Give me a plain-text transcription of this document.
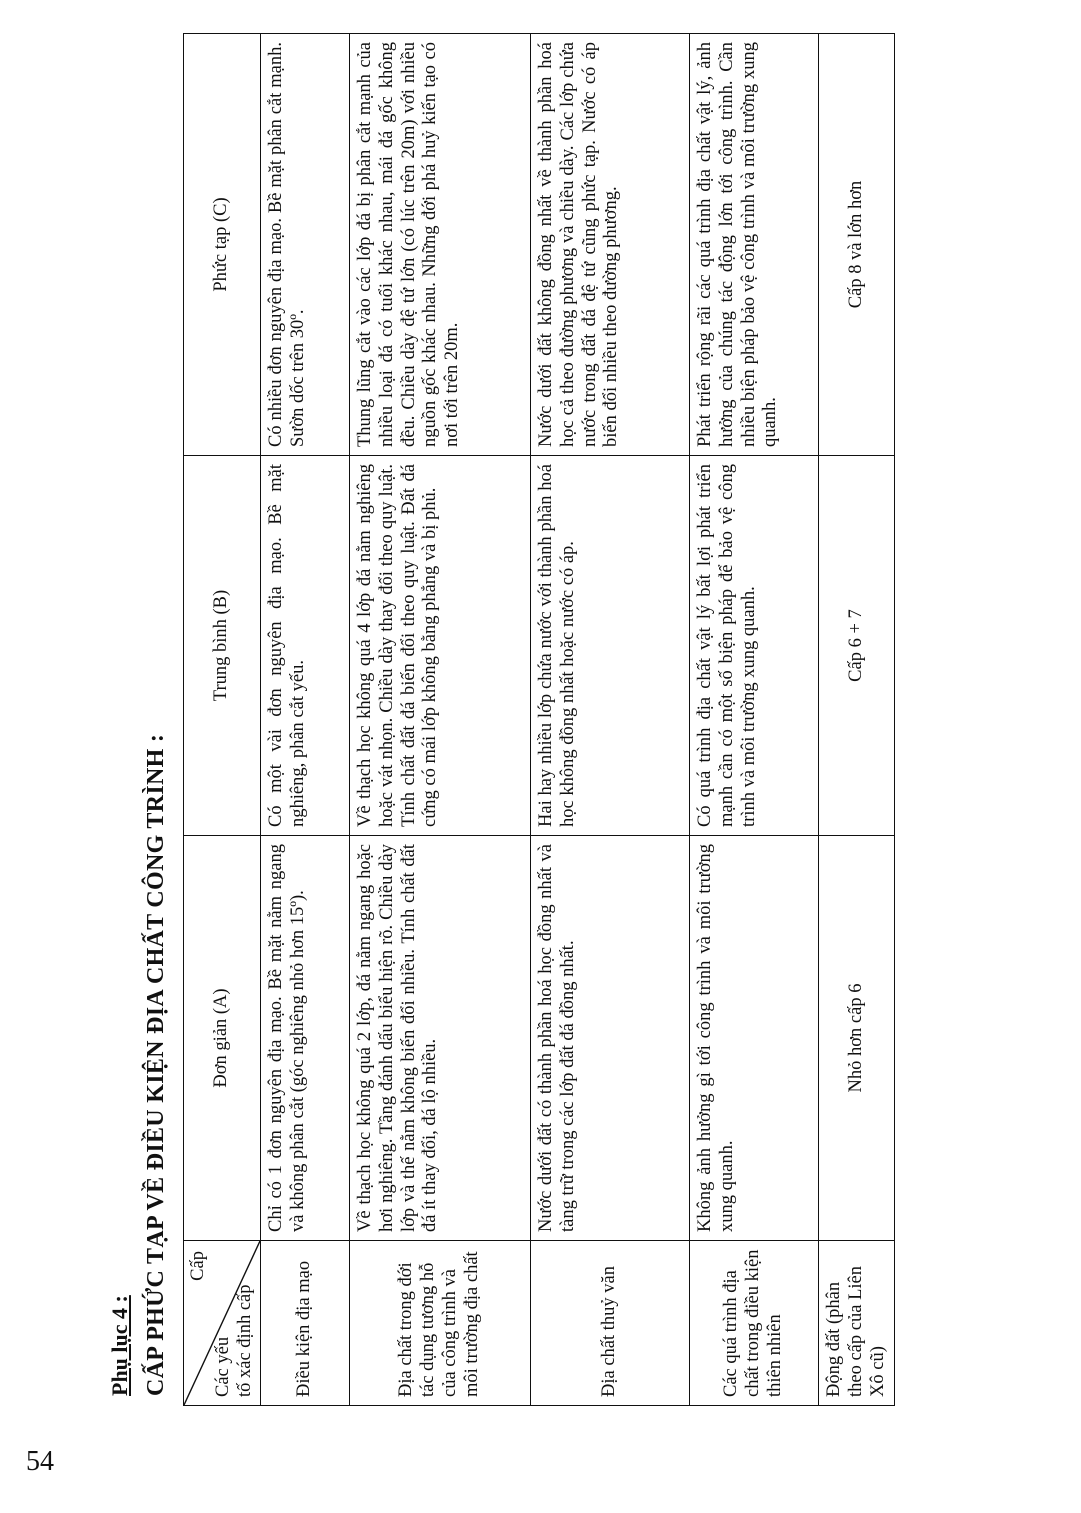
54
Phụ lục 4 : CẤP PHỨC TẠP VỀ ĐIỀU KIỆN ĐỊA CHẤT CÔNG TRÌNH : Cấp
Các yếu
tố xác định cấp	Đơn giản (A)	Trung bình (B)	Phức tạp (C)
Điều kiện địa mạo	Chỉ có 1 đơn nguyên địa mạo. Bề mặt nằm ngang và không phân cắt (góc nghiêng nhỏ hơn 15º).	Có một vài đơn nguyên địa mạo. Bề mặt nghiêng, phân cắt yếu.	Có nhiều đơn nguyên địa mạo. Bề mặt phân cắt mạnh. Sườn dốc trên 30º.
Địa chất trong đới tác dụng tương hỗ của công trình và môi trường địa chất	Về thạch học không quá 2 lớp, đá nằm ngang hoặc hơi nghiêng. Tầng đánh dấu biểu hiện rõ. Chiều dày lớp và thế nằm không biến đổi nhiều. Tính chất đất đá ít thay đổi, đá lộ nhiều.	Về thạch học không quá 4 lớp đá nằm nghiêng hoặc vát nhọn. Chiều dày thay đổi theo quy luật. Tính chất đất đá biến đổi theo quy luật. Đất đá cứng có mái lớp không bằng phẳng và bị phủ.	Thung lũng cắt vào các lớp đá bị phân cắt mạnh của nhiều loại đá có tuổi khác nhau, mái đá gốc không đều. Chiều dày đệ tứ lớn (có lúc trên 20m) với nhiều nguồn gốc khác nhau. Những đới phá huỷ kiến tạo có nơi tới trên 20m.
Địa chất thuỷ văn	Nước dưới đất có thành phần hoá học đồng nhất và tàng trữ trong các lớp đất đá đồng nhất.	Hai hay nhiều lớp chứa nước với thành phần hoá học không đồng nhất hoặc nước có áp.	Nước dưới đất không đồng nhất về thành phần hoá học cả theo đường phương và chiều dày. Các lớp chứa nước trong đất đá đệ tứ cũng phức tạp. Nước có áp biến đổi nhiều theo đường phương.
Các quá trình địa chất trong điều kiện thiên nhiên	Không ảnh hưởng gì tới công trình và môi trường xung quanh.	Có quá trình địa chất vật lý bất lợi phát triển mạnh cần có một số biện pháp để bảo vệ công trình và môi trường xung quanh.	Phát triển rộng rãi các quá trình địa chất vật lý, ảnh hưởng của chúng tác động lớn tới công trình. Cần nhiều biện pháp bảo vệ công trình và môi trường xung quanh.
Động đất (phân theo cấp của Liên Xô cũ)	Nhỏ hơn cấp 6	Cấp 6 + 7	Cấp 8 và lớn hơn
